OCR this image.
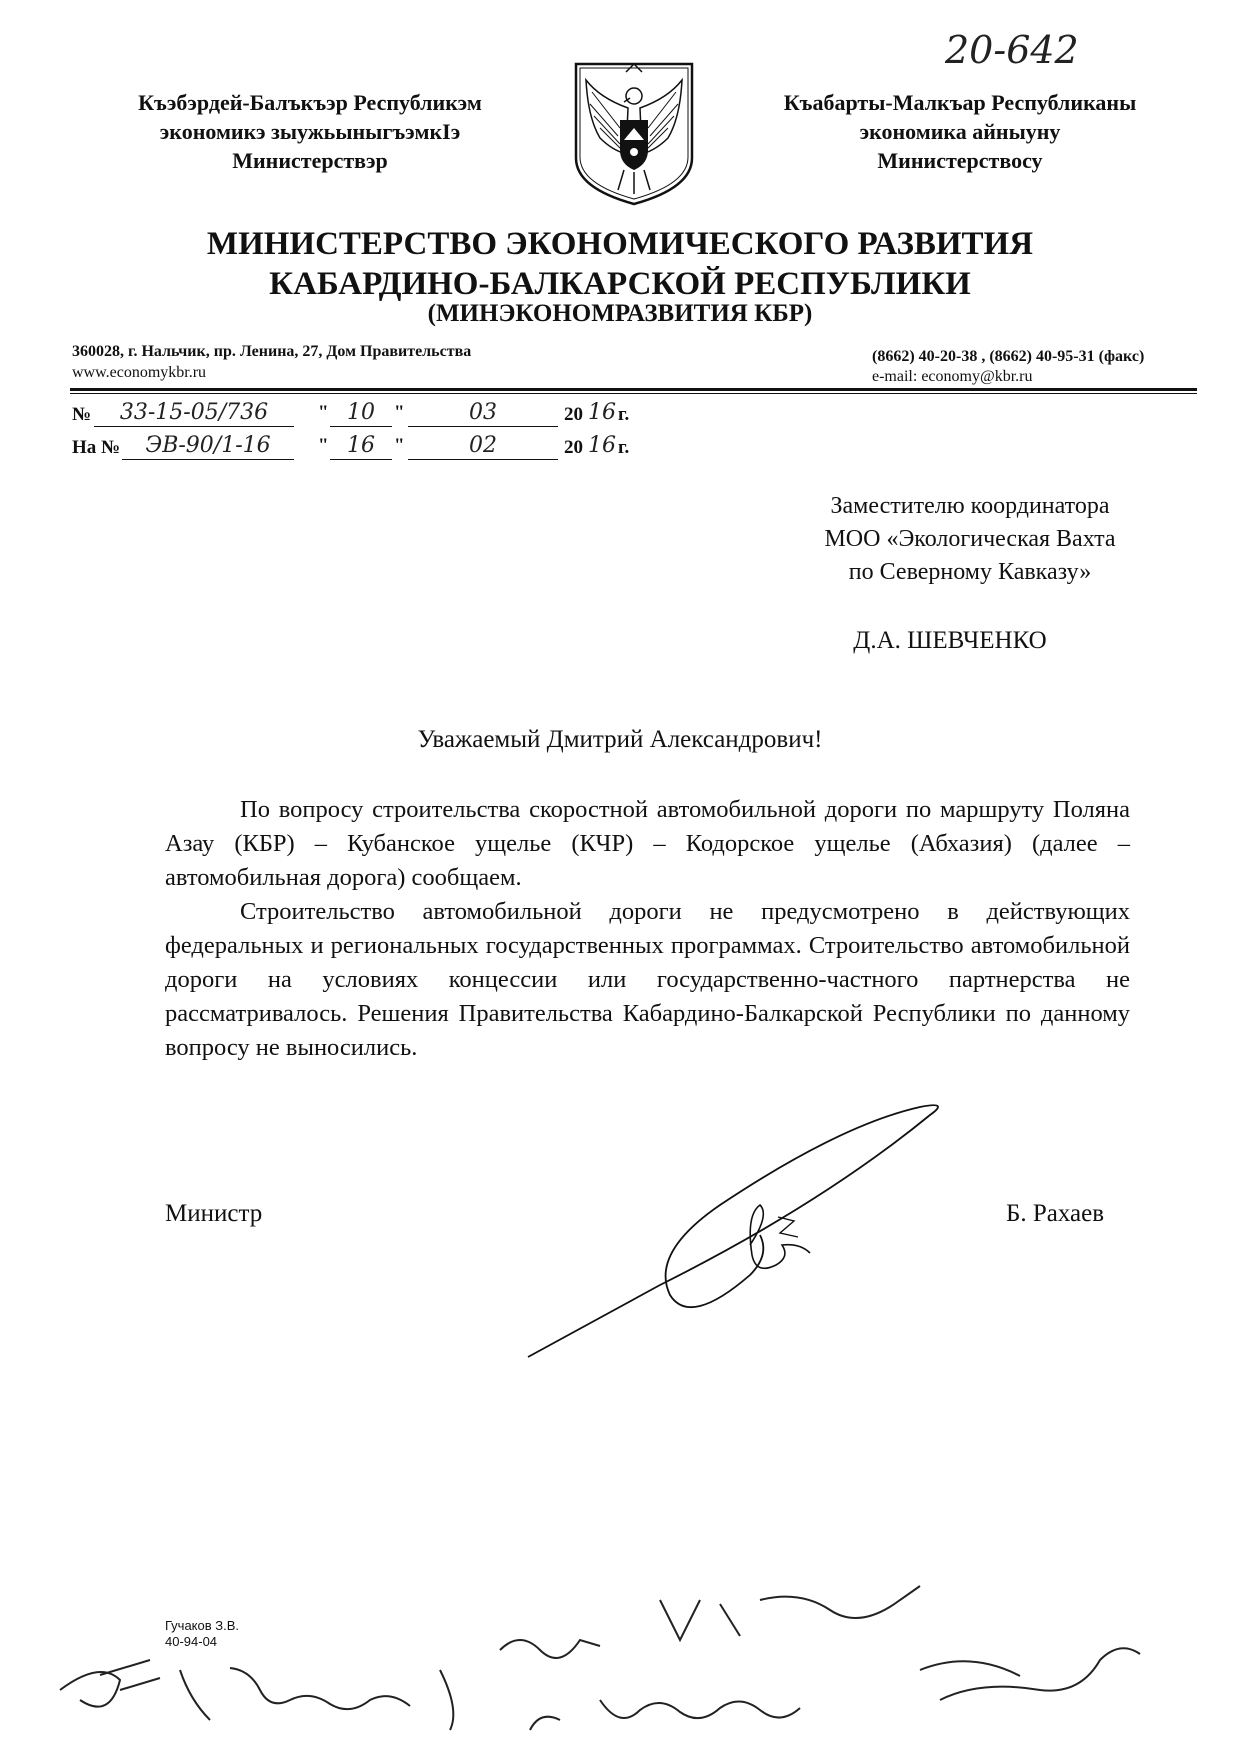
20-642
Къэбэрдей-Балъкъэр Республикэм
экономикэ зыужьыныгъэмкIэ
Министерствэр
Къабарты-Малкъар Республиканы
экономика айныуну
Министерствосу
МИНИСТЕРСТВО ЭКОНОМИЧЕСКОГО РАЗВИТИЯ
КАБАРДИНО-БАЛКАРСКОЙ РЕСПУБЛИКИ
(МИНЭКОНОМРАЗВИТИЯ КБР)
360028, г. Нальчик, пр. Ленина, 27, Дом Правительства
www.economykbr.ru
(8662) 40-20-38 , (8662) 40-95-31 (факс)
e-mail: economy@kbr.ru
№	33-15-05/736	" 10	"	03	20 16 г.
На №	ЭВ-90/1-16	" 16	"	02	20 16 г.
Заместителю координатора
МОО «Экологическая Вахта
по Северному Кавказу»
Д.А. ШЕВЧЕНКО
Уважаемый Дмитрий Александрович!

По вопросу строительства скоростной автомобильной дороги по маршруту Поляна Азау (КБР) – Кубанское ущелье (КЧР) – Кодорское ущелье (Абхазия) (далее – автомобильная дорога) сообщаем.

Строительство автомобильной дороги не предусмотрено в действующих федеральных и региональных государственных программах. Строительство автомобильной дороги на условиях концессии или государственно-частного партнерства не рассматривалось. Решения Правительства Кабардино-Балкарской Республики по данному вопросу не выносились.

Министр	Б. Рахаев
Гучаков З.В.
40-94-04
